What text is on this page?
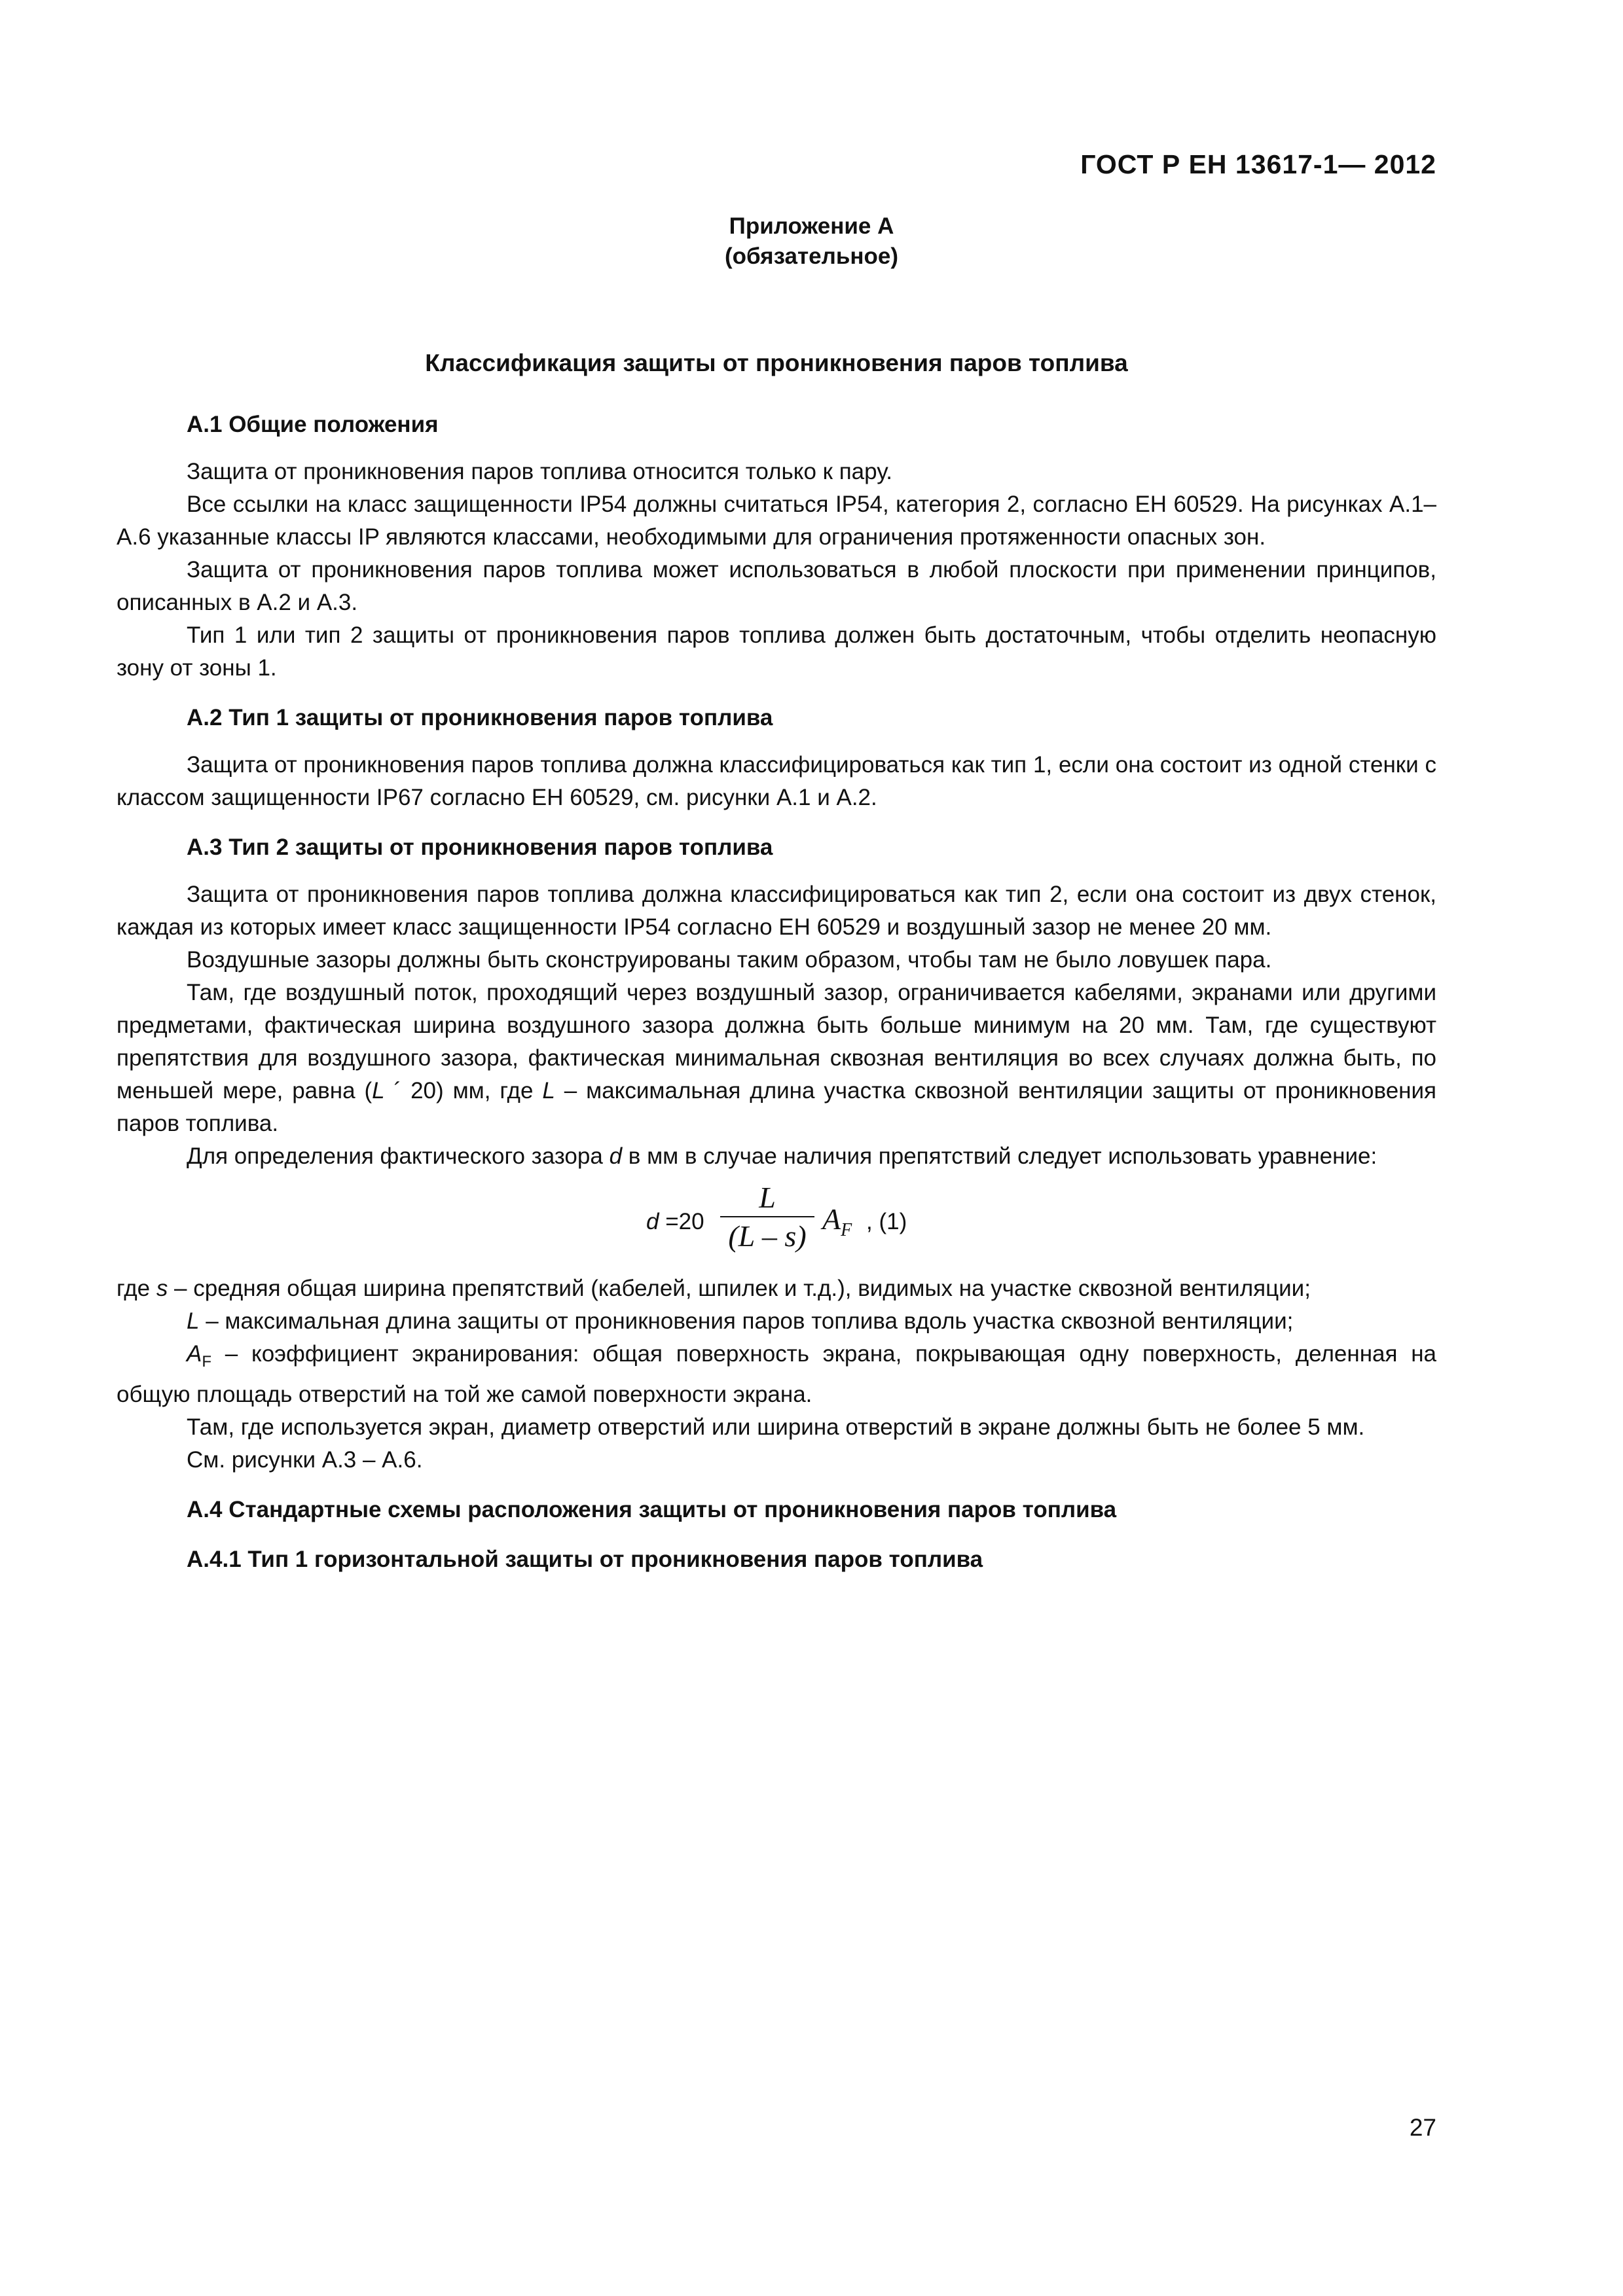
ГОСТ Р ЕН 13617-1— 2012
Приложение А
(обязательное)
Классификация защиты от проникновения паров топлива
А.1 Общие положения

Защита от проникновения паров топлива относится только к пару.

Все ссылки на класс защищенности IP54 должны считаться IP54, категория 2, согласно ЕН 60529. На рисунках А.1–А.6 указанные классы IP являются классами, необходимыми для ограничения протяженности опасных зон.

Защита от проникновения паров топлива может использоваться в любой плоскости при применении принципов, описанных в А.2 и А.3.

Тип 1 или тип 2 защиты от проникновения паров топлива должен быть достаточным, чтобы отделить неопасную зону от зоны 1.

А.2 Тип 1 защиты от проникновения паров топлива

Защита от проникновения паров топлива должна классифицироваться как тип 1, если она состоит из одной стенки с классом защищенности IP67 согласно ЕН 60529, см. рисунки А.1 и А.2.

А.3 Тип 2 защиты от проникновения паров топлива

Защита от проникновения паров топлива должна классифицироваться как тип 2, если она состоит из двух стенок, каждая из которых имеет класс защищенности IP54 согласно ЕН 60529 и воздушный зазор не менее 20 мм.

Воздушные зазоры должны быть сконструированы таким образом, чтобы там не было ловушек пара.

Там, где воздушный поток, проходящий через воздушный зазор, ограничивается кабелями, экранами или другими предметами, фактическая ширина воздушного зазора должна быть больше минимум на 20 мм. Там, где существуют препятствия для воздушного зазора, фактическая минимальная сквозная вентиляция во всех случаях должна быть, по меньшей мере, равна (L ´ 20) мм, где L – максимальная длина участка сквозной вентиляции защиты от проникновения паров топлива.

Для определения фактического зазора d в мм в случае наличия препятствий следует использовать уравнение:

d =20
L
(L – s)
$A_F$ , (1)

где s – средняя общая ширина препятствий (кабелей, шпилек и т.д.), видимых на участке сквозной вентиляции;

L – максимальная длина защиты от проникновения паров топлива вдоль участка сквозной вентиляции;

$A_F$ – коэффициент экранирования: общая поверхность экрана, покрывающая одну поверхность, деленная на общую площадь отверстий на той же самой поверхности экрана.

Там, где используется экран, диаметр отверстий или ширина отверстий в экране должны быть не более 5 мм.

См. рисунки А.3 – А.6.

А.4 Стандартные схемы расположения защиты от проникновения паров топлива
А.4.1 Тип 1 горизонтальной защиты от проникновения паров топлива
27
